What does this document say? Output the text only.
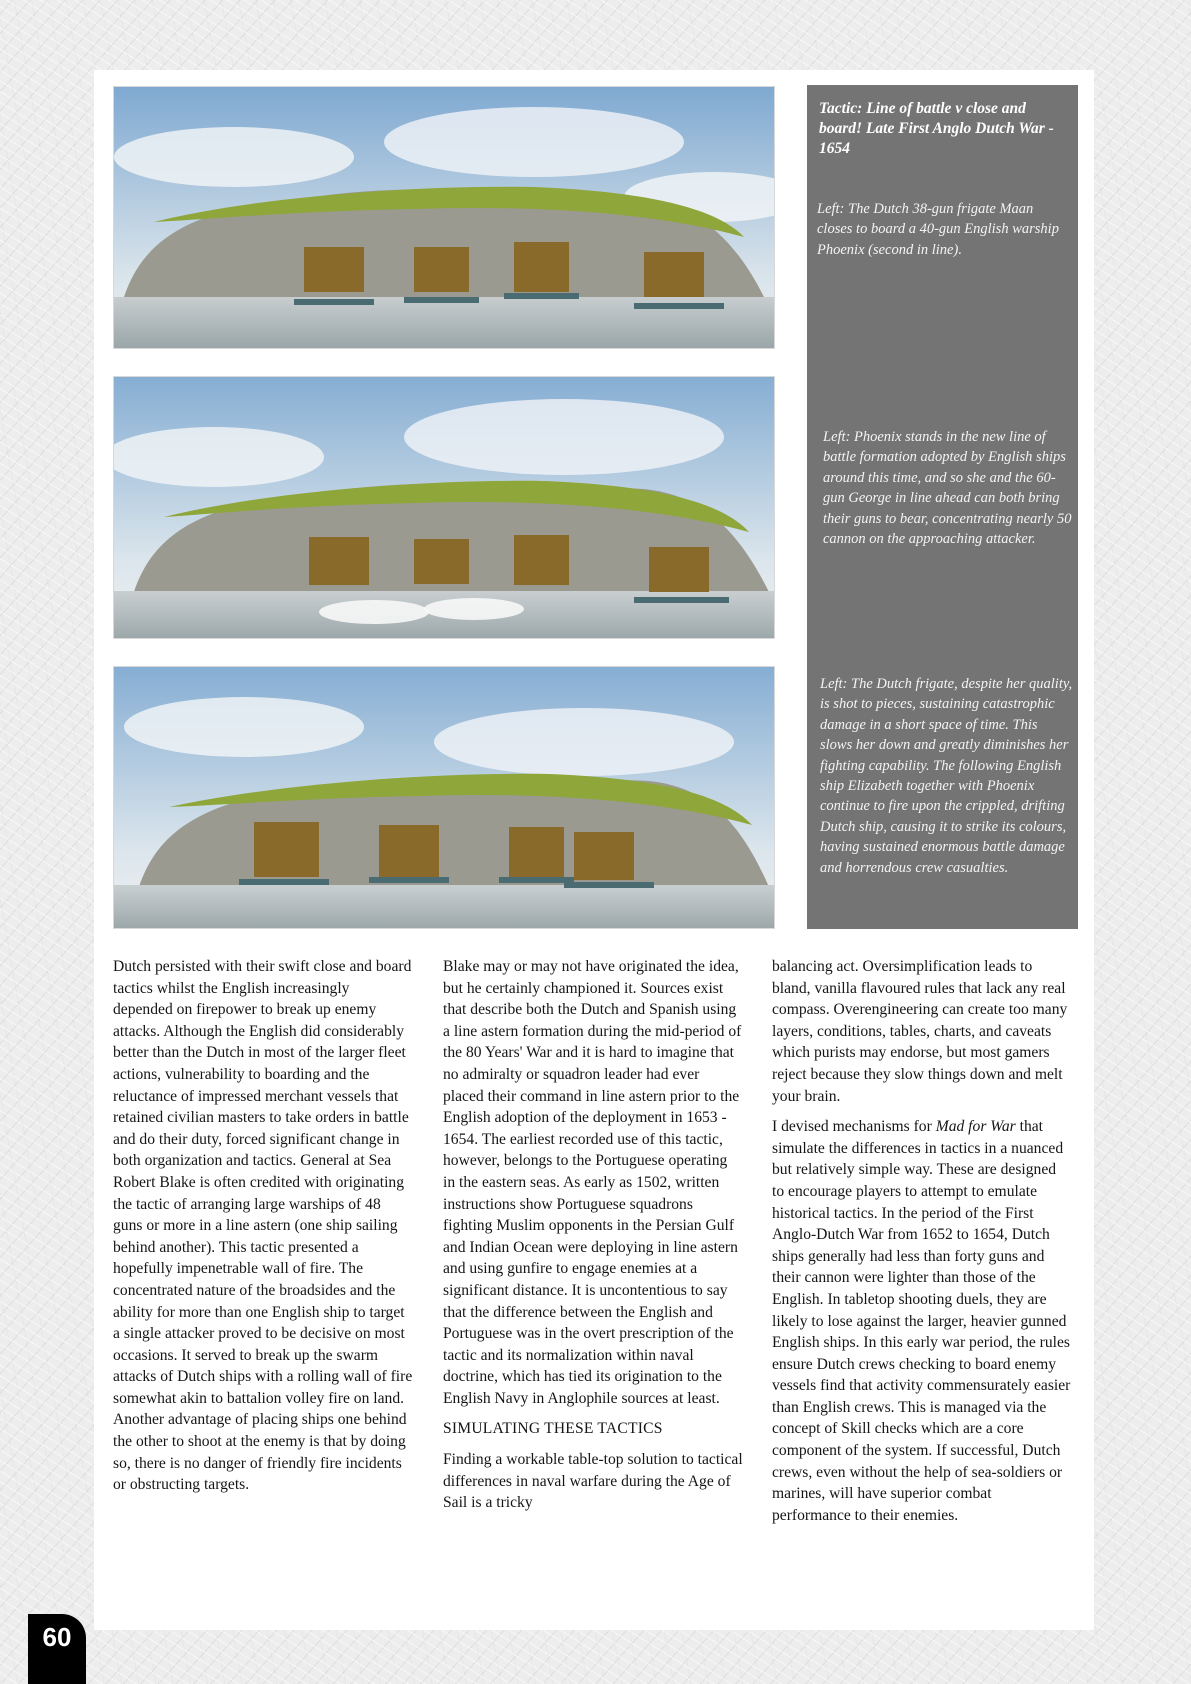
Tactic: Line of battle v close and board! Late First Anglo Dutch War - 1654

Left: The Dutch 38-gun frigate Maan closes to board a 40-gun English warship Phoenix (second in line).

Left: Phoenix stands in the new line of battle formation adopted by English ships around this time, and so she and the 60-gun George in line ahead can both bring their guns to bear, concentrating nearly 50 cannon on the approaching attacker.

Left: The Dutch frigate, despite her quality, is shot to pieces, sustaining catastrophic damage in a short space of time. This slows her down and greatly diminishes her fighting capability. The following English ship Elizabeth together with Phoenix continue to fire upon the crippled, drifting Dutch ship, causing it to strike its colours, having sustained enormous battle damage and horrendous crew casualties.

Dutch persisted with their swift close and board tactics whilst the English increasingly depended on firepower to break up enemy attacks. Although the English did considerably better than the Dutch in most of the larger fleet actions, vulnerability to boarding and the reluctance of impressed merchant vessels that retained civilian masters to take orders in battle and do their duty, forced significant change in both organization and tactics. General at Sea Robert Blake is often credited with originating the tactic of arranging large warships of 48 guns or more in a line astern (one ship sailing behind another). This tactic presented a hopefully impenetrable wall of fire. The concentrated nature of the broadsides and the ability for more than one English ship to target a single attacker proved to be decisive on most occasions. It served to break up the swarm attacks of Dutch ships with a rolling wall of fire somewhat akin to battalion volley fire on land. Another advantage of placing ships one behind the other to shoot at the enemy is that by doing so, there is no danger of friendly fire incidents or obstructing targets.

Blake may or may not have originated the idea, but he certainly championed it. Sources exist that describe both the Dutch and Spanish using a line astern formation during the mid-period of the 80 Years' War and it is hard to imagine that no admiralty or squadron leader had ever placed their command in line astern prior to the English adoption of the deployment in 1653 - 1654. The earliest recorded use of this tactic, however, belongs to the Portuguese operating in the eastern seas. As early as 1502, written instructions show Portuguese squadrons fighting Muslim opponents in the Persian Gulf and Indian Ocean were deploying in line astern and using gunfire to engage enemies at a significant distance. It is uncontentious to say that the difference between the English and Portuguese was in the overt prescription of the tactic and its normalization within naval doctrine, which has tied its origination to the English Navy in Anglophile sources at least.

SIMULATING THESE TACTICS

Finding a workable table-top solution to tactical differences in naval warfare during the Age of Sail is a tricky

balancing act. Oversimplification leads to bland, vanilla flavoured rules that lack any real compass. Overengineering can create too many layers, conditions, tables, charts, and caveats which purists may endorse, but most gamers reject because they slow things down and melt your brain.

I devised mechanisms for Mad for War that simulate the differences in tactics in a nuanced but relatively simple way. These are designed to encourage players to attempt to emulate historical tactics. In the period of the First Anglo-Dutch War from 1652 to 1654, Dutch ships generally had less than forty guns and their cannon were lighter than those of the English. In tabletop shooting duels, they are likely to lose against the larger, heavier gunned English ships. In this early war period, the rules ensure Dutch crews checking to board enemy vessels find that activity commensurately easier than English crews. This is managed via the concept of Skill checks which are a core component of the system. If successful, Dutch crews, even without the help of sea-soldiers or marines, will have superior combat performance to their enemies.

60
